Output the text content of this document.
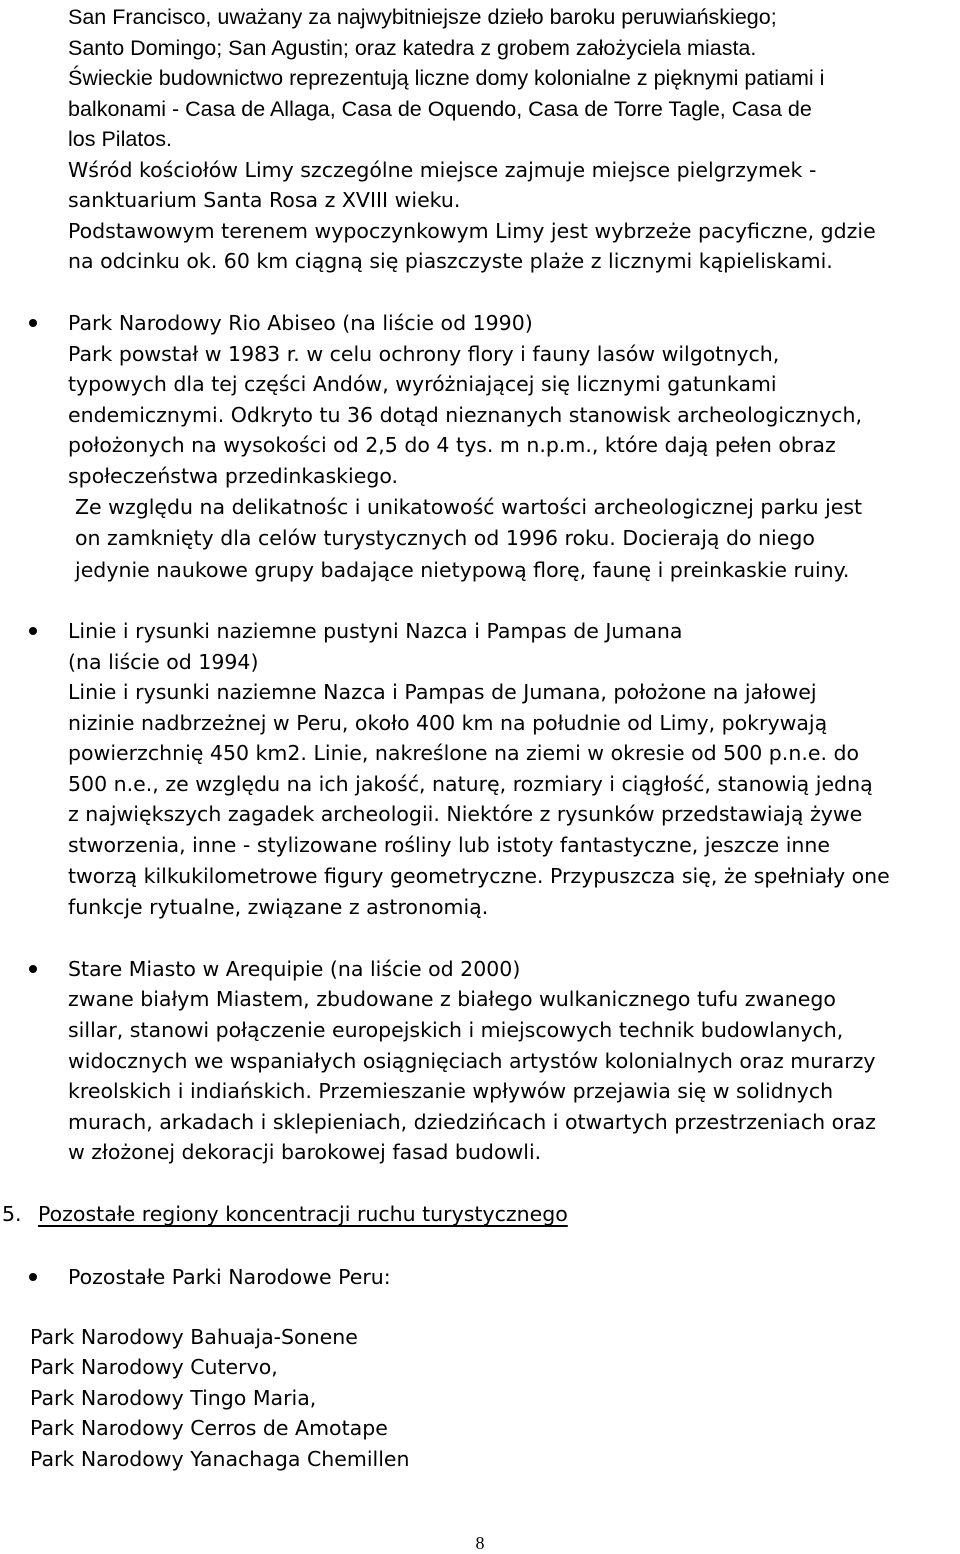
San Francisco, uważany za najwybitniejsze dzieło baroku peruwiańskiego;
Santo Domingo; San Agustin; oraz katedra z grobem założyciela miasta.
Świeckie budownictwo reprezentują liczne domy kolonialne z pięknymi patiami i
balkonami - Casa de Allaga, Casa de Oquendo, Casa de Torre Tagle, Casa de
los Pilatos.
Wśród kościołów Limy szczególne miejsce zajmuje miejsce pielgrzymek -
sanktuarium Santa Rosa z XVIII wieku.
Podstawowym terenem wypoczynkowym Limy jest wybrzeże pacyficzne, gdzie
na odcinku ok. 60 km ciągną się piaszczyste plaże z licznymi kąpieliskami.
Park Narodowy Rio Abiseo (na liście od 1990)
Park powstał w 1983 r. w celu ochrony flory i fauny lasów wilgotnych,
typowych dla tej części Andów, wyróżniającej się licznymi gatunkami
endemicznymi. Odkryto tu 36 dotąd nieznanych stanowisk archeologicznych,
położonych na wysokości od 2,5 do 4 tys. m n.p.m., które dają pełen obraz
społeczeństwa przedinkaskiego.
Ze względu na delikatnośc i unikatowość wartości archeologicznej parku jest
on zamknięty dla celów turystycznych od 1996 roku. Docierają do niego
jedynie naukowe grupy badające nietypową florę, faunę i preinkaskie ruiny.
Linie i rysunki naziemne pustyni Nazca i Pampas de Jumana
(na liście od 1994)
Linie i rysunki naziemne Nazca i Pampas de Jumana, położone na jałowej
nizinie nadbrzeżnej w Peru, około 400 km na południe od Limy, pokrywają
powierzchnię 450 km2. Linie, nakreślone na ziemi w okresie od 500 p.n.e. do
500 n.e., ze względu na ich jakość, naturę, rozmiary i ciągłość, stanowią jedną
z największych zagadek archeologii. Niektóre z rysunków przedstawiają żywe
stworzenia, inne - stylizowane rośliny lub istoty fantastyczne, jeszcze inne
tworzą kilkukilometrowe figury geometryczne. Przypuszcza się, że spełniały one
funkcje rytualne, związane z astronomią.
Stare Miasto w Arequipie (na liście od 2000)
zwane białym Miastem, zbudowane z białego wulkanicznego tufu zwanego
sillar, stanowi połączenie europejskich i miejscowych technik budowlanych,
widocznych we wspaniałych osiągnięciach artystów kolonialnych oraz murarzy
kreolskich i indiańskich. Przemieszanie wpływów przejawia się w solidnych
murach, arkadach i sklepieniach, dziedzińcach i otwartych przestrzeniach oraz
w złożonej dekoracji barokowej fasad budowli.
5. Pozostałe regiony koncentracji ruchu turystycznego
Pozostałe Parki Narodowe Peru:
Park Narodowy Bahuaja-Sonene
Park Narodowy Cutervo,
Park Narodowy Tingo Maria,
Park Narodowy Cerros de Amotape
Park Narodowy Yanachaga Chemillen
8
